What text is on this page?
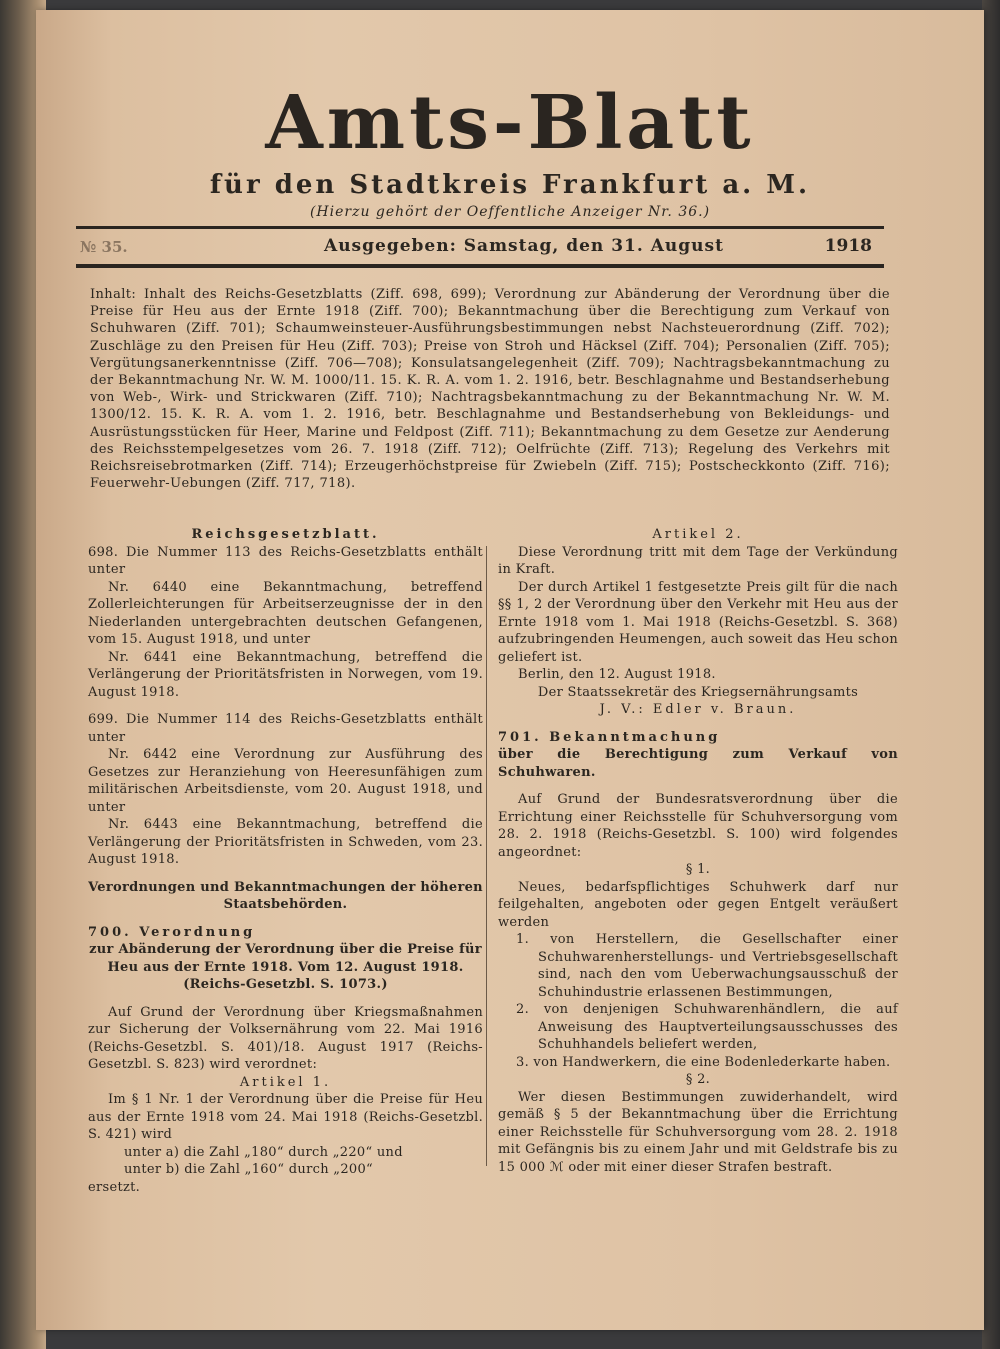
Amts-Blatt
für den Stadtkreis Frankfurt a. M.
(Hierzu gehört der Oeffentliche Anzeiger Nr. 36.)
№ 35.	Ausgegeben: Samstag, den 31. August	1918
Inhalt: Inhalt des Reichs-Gesetzblatts (Ziff. 698, 699); Verordnung zur Abänderung der Verordnung über die Preise für Heu aus der Ernte 1918 (Ziff. 700); Bekanntmachung über die Berechtigung zum Verkauf von Schuhwaren (Ziff. 701); Schaumweinsteuer-Ausführungsbestimmungen nebst Nachsteuerordnung (Ziff. 702); Zuschläge zu den Preisen für Heu (Ziff. 703); Preise von Stroh und Häcksel (Ziff. 704); Personalien (Ziff. 705); Vergütungsanerkenntnisse (Ziff. 706—708); Konsulatsangelegenheit (Ziff. 709); Nachtragsbekanntmachung zu der Bekanntmachung Nr. W. M. 1000/11. 15. K. R. A. vom 1. 2. 1916, betr. Beschlagnahme und Bestandserhebung von Web-, Wirk- und Strickwaren (Ziff. 710); Nachtragsbekanntmachung zu der Bekanntmachung Nr. W. M. 1300/12. 15. K. R. A. vom 1. 2. 1916, betr. Beschlagnahme und Bestandserhebung von Bekleidungs- und Ausrüstungsstücken für Heer, Marine und Feldpost (Ziff. 711); Bekanntmachung zu dem Gesetze zur Aenderung des Reichsstempelgesetzes vom 26. 7. 1918 (Ziff. 712); Oelfrüchte (Ziff. 713); Regelung des Verkehrs mit Reichsreisebrotmarken (Ziff. 714); Erzeugerhöchstpreise für Zwiebeln (Ziff. 715); Postscheckkonto (Ziff. 716); Feuerwehr-Uebungen (Ziff. 717, 718).

Reichsgesetzblatt.

698. Die Nummer 113 des Reichs-Gesetzblatts enthält unter

Nr. 6440 eine Bekanntmachung, betreffend Zollerleichterungen für Arbeitserzeugnisse der in den Niederlanden untergebrachten deutschen Gefangenen, vom 15. August 1918, und unter

Nr. 6441 eine Bekanntmachung, betreffend die Verlängerung der Prioritätsfristen in Norwegen, vom 19. August 1918.

699. Die Nummer 114 des Reichs-Gesetzblatts enthält unter

Nr. 6442 eine Verordnung zur Ausführung des Gesetzes zur Heranziehung von Heeresunfähigen zum militärischen Arbeitsdienste, vom 20. August 1918, und unter

Nr. 6443 eine Bekanntmachung, betreffend die Verlängerung der Prioritätsfristen in Schweden, vom 23. August 1918.

Verordnungen und Bekanntmachungen der höheren Staatsbehörden.

700. Verordnung

zur Abänderung der Verordnung über die Preise für Heu aus der Ernte 1918. Vom 12. August 1918. (Reichs-Gesetzbl. S. 1073.)

Auf Grund der Verordnung über Kriegsmaßnahmen zur Sicherung der Volksernährung vom 22. Mai 1916 (Reichs-Gesetzbl. S. 401)/18. August 1917 (Reichs-Gesetzbl. S. 823) wird verordnet:

Artikel 1.

Im § 1 Nr. 1 der Verordnung über die Preise für Heu aus der Ernte 1918 vom 24. Mai 1918 (Reichs-Gesetzbl. S. 421) wird

unter a) die Zahl „180“ durch „220“ und

unter b) die Zahl „160“ durch „200“

ersetzt.

Artikel 2.

Diese Verordnung tritt mit dem Tage der Verkündung in Kraft.

Der durch Artikel 1 festgesetzte Preis gilt für die nach §§ 1, 2 der Verordnung über den Verkehr mit Heu aus der Ernte 1918 vom 1. Mai 1918 (Reichs-Gesetzbl. S. 368) aufzubringenden Heumengen, auch soweit das Heu schon geliefert ist.

Berlin, den 12. August 1918.

Der Staatssekretär des Kriegsernährungsamts

J. V.: Edler v. Braun.

701. Bekanntmachung

über die Berechtigung zum Verkauf von Schuhwaren.

Auf Grund der Bundesratsverordnung über die Errichtung einer Reichsstelle für Schuhversorgung vom 28. 2. 1918 (Reichs-Gesetzbl. S. 100) wird folgendes angeordnet:

§ 1.

Neues, bedarfspflichtiges Schuhwerk darf nur feilgehalten, angeboten oder gegen Entgelt veräußert werden

1. von Herstellern, die Gesellschafter einer Schuhwarenherstellungs- und Vertriebsgesellschaft sind, nach den vom Ueberwachungsausschuß der Schuhindustrie erlassenen Bestimmungen,

2. von denjenigen Schuhwarenhändlern, die auf Anweisung des Hauptverteilungsausschusses des Schuhhandels beliefert werden,

3. von Handwerkern, die eine Bodenlederkarte haben.

§ 2.

Wer diesen Bestimmungen zuwiderhandelt, wird gemäß § 5 der Bekanntmachung über die Errichtung einer Reichsstelle für Schuhversorgung vom 28. 2. 1918 mit Gefängnis bis zu einem Jahr und mit Geldstrafe bis zu 15 000 ℳ oder mit einer dieser Strafen bestraft.
